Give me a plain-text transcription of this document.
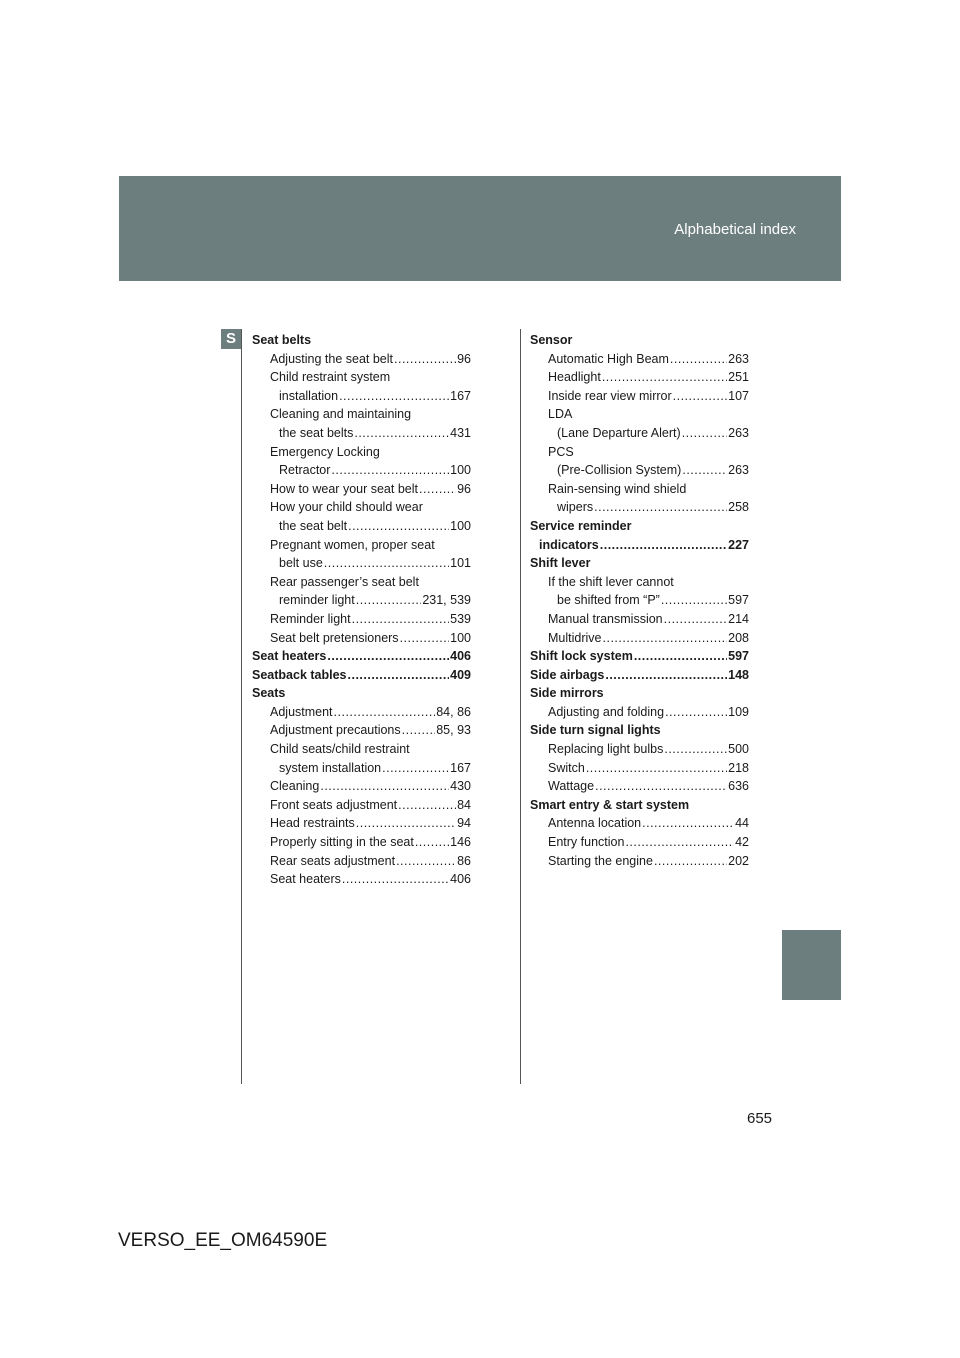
Alphabetical index
S	Seat belts
Adjusting the seat belt .....	96
Child restraint system
installation .....	167
Cleaning and maintaining
the seat belts .....	431
Emergency Locking
Retractor .....	100
How to wear your seat belt .....	96
How your child should wear
the seat belt .....	100
Pregnant women, proper seat
belt use .....	101
Rear passenger’s seat belt
reminder light .....	231, 539
Reminder light .....	539
Seat belt pretensioners .....	100
Seat heaters .....	406
Seatback tables .....	409
Seats
Adjustment .....	84, 86
Adjustment precautions .....	85, 93
Child seats/child restraint
system installation .....	167
Cleaning .....	430
Front seats adjustment .....	84
Head restraints .....	94
Properly sitting in the seat .....	146
Rear seats adjustment .....	86
Seat heaters .....	406
Sensor
Automatic High Beam .....	263
Headlight .....	251
Inside rear view mirror .....	107
LDA
(Lane Departure Alert) .....	263
PCS
(Pre-Collision System) .....	263
Rain-sensing wind shield
wipers .....	258
Service reminder
indicators .....	227
Shift lever
If the shift lever cannot
be shifted from “P” .....	597
Manual transmission .....	214
Multidrive .....	208
Shift lock system .....	597
Side airbags .....	148
Side mirrors
Adjusting and folding .....	109
Side turn signal lights
Replacing light bulbs .....	500
Switch .....	218
Wattage .....	636
Smart entry & start system
Antenna location .....	44
Entry function .....	42
Starting the engine .....	202
655
VERSO_EE_OM64590E
